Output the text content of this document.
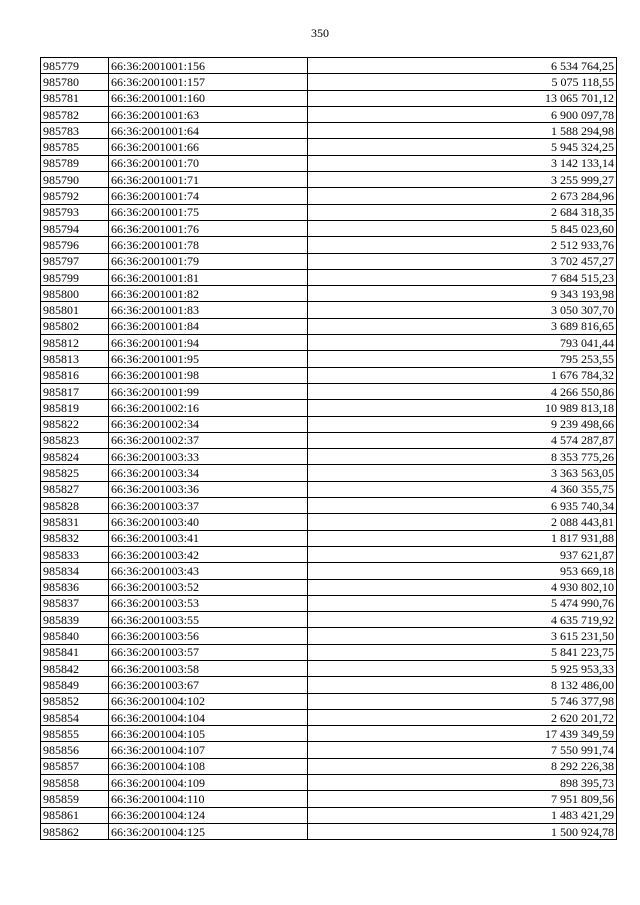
350
985779	66:36:2001001:156	6 534 764,25
985780	66:36:2001001:157	5 075 118,55
985781	66:36:2001001:160	13 065 701,12
985782	66:36:2001001:63	6 900 097,78
985783	66:36:2001001:64	1 588 294,98
985785	66:36:2001001:66	5 945 324,25
985789	66:36:2001001:70	3 142 133,14
985790	66:36:2001001:71	3 255 999,27
985792	66:36:2001001:74	2 673 284,96
985793	66:36:2001001:75	2 684 318,35
985794	66:36:2001001:76	5 845 023,60
985796	66:36:2001001:78	2 512 933,76
985797	66:36:2001001:79	3 702 457,27
985799	66:36:2001001:81	7 684 515,23
985800	66:36:2001001:82	9 343 193,98
985801	66:36:2001001:83	3 050 307,70
985802	66:36:2001001:84	3 689 816,65
985812	66:36:2001001:94	793 041,44
985813	66:36:2001001:95	795 253,55
985816	66:36:2001001:98	1 676 784,32
985817	66:36:2001001:99	4 266 550,86
985819	66:36:2001002:16	10 989 813,18
985822	66:36:2001002:34	9 239 498,66
985823	66:36:2001002:37	4 574 287,87
985824	66:36:2001003:33	8 353 775,26
985825	66:36:2001003:34	3 363 563,05
985827	66:36:2001003:36	4 360 355,75
985828	66:36:2001003:37	6 935 740,34
985831	66:36:2001003:40	2 088 443,81
985832	66:36:2001003:41	1 817 931,88
985833	66:36:2001003:42	937 621,87
985834	66:36:2001003:43	953 669,18
985836	66:36:2001003:52	4 930 802,10
985837	66:36:2001003:53	5 474 990,76
985839	66:36:2001003:55	4 635 719,92
985840	66:36:2001003:56	3 615 231,50
985841	66:36:2001003:57	5 841 223,75
985842	66:36:2001003:58	5 925 953,33
985849	66:36:2001003:67	8 132 486,00
985852	66:36:2001004:102	5 746 377,98
985854	66:36:2001004:104	2 620 201,72
985855	66:36:2001004:105	17 439 349,59
985856	66:36:2001004:107	7 550 991,74
985857	66:36:2001004:108	8 292 226,38
985858	66:36:2001004:109	898 395,73
985859	66:36:2001004:110	7 951 809,56
985861	66:36:2001004:124	1 483 421,29
985862	66:36:2001004:125	1 500 924,78
